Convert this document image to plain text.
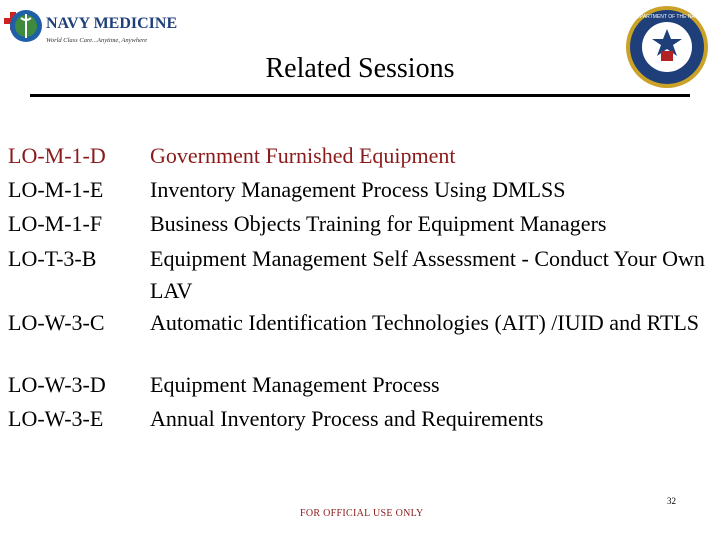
NAVY MEDICINE
World Class Care...Anytime, Anywhere
DEPARTMENT OF THE NAVY
Related Sessions
LO-M-1-D Government Furnished Equipment
LO-M-1-E Inventory Management Process Using DMLSS
LO-M-1-F Business Objects Training for Equipment Managers
LO-T-3-B Equipment Management Self Assessment - Conduct Your Own LAV
LO-W-3-C Automatic Identification Technologies (AIT) /IUID and RTLS
LO-W-3-D Equipment Management Process
LO-W-3-E Annual Inventory Process and Requirements
32
FOR OFFICIAL USE ONLY
